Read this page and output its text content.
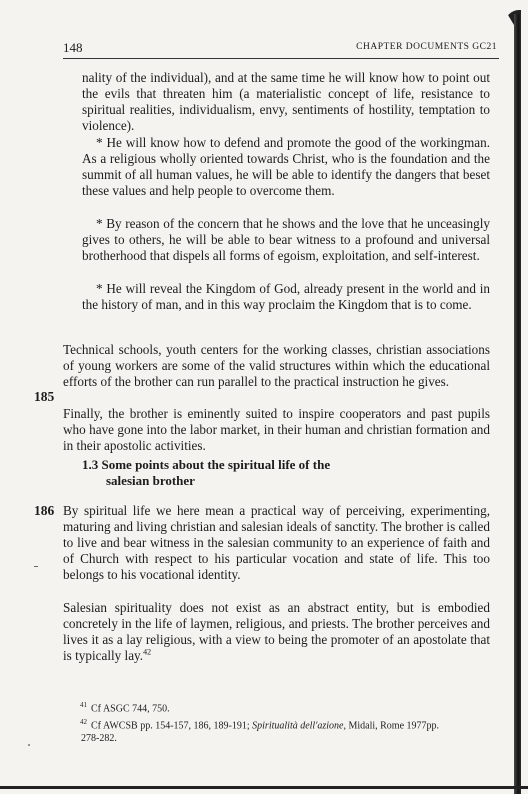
148	CHAPTER DOCUMENTS GC21

nality of the individual), and at the same time he will know how to point out the evils that threaten him (a materialistic concept of life, resistance to spiritual realities, individualism, envy, sentiments of hostility, temptation to violence).

* He will know how to defend and promote the good of the workingman. As a religious wholly oriented towards Christ, who is the foundation and the summit of all human values, he will be able to identify the dangers that beset these values and help people to overcome them.

* By reason of the concern that he shows and the love that he unceasingly gives to others, he will be able to bear witness to a profound and universal brotherhood that dispels all forms of egoism, exploitation, and self-interest.

* He will reveal the Kingdom of God, already present in the world and in the history of man, and in this way proclaim the Kingdom that is to come.

Technical schools, youth centers for the working classes, christian associations of young workers are some of the valid structures within which the educational efforts of the brother can run parallel to the practical instruction he gives.

185

Finally, the brother is eminently suited to inspire cooperators and past pupils who have gone into the labor market, in their human and christian formation and in their apostolic activities.

1.3 Some points about the spiritual life of the
salesian brother
186 By spiritual life we here mean a practical way of perceiving, experimenting, maturing and living christian and salesian ideals of sanctity. The brother is called to live and bear witness in the salesian community to an experience of faith and of Church with respect to his particular vocation and state of life. This too belongs to his vocational identity.

Salesian spirituality does not exist as an abstract entity, but is embodied concretely in the life of laymen, religious, and priests. The brother perceives and lives it as a lay religious, with a view to being the promoter of an apostolate that is typically lay.$^{42}$

$^{41}$ Cf ASGC 744, 750.
$^{42}$ Cf AWCSB pp. 154-157, 186, 189-191; Spiritualità dell'azione, Midali, Rome 1977pp.
278-282.
